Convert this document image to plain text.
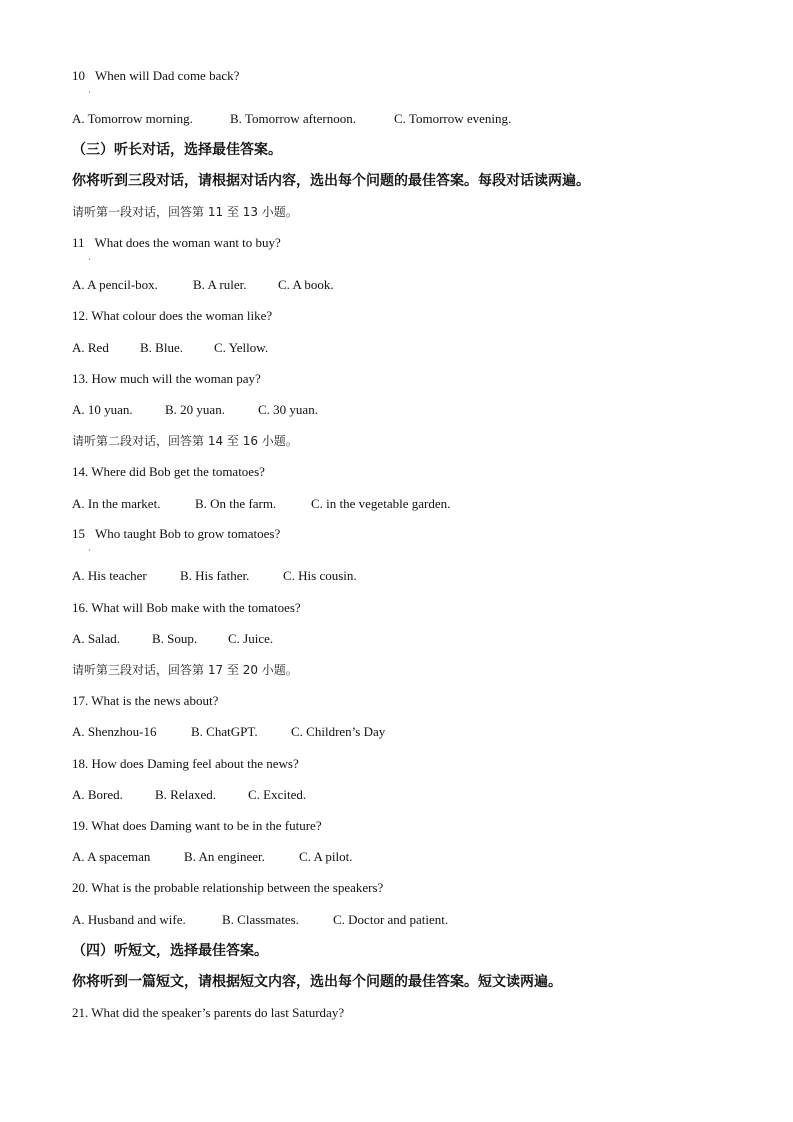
10 When will Dad come back?
·
A. Tomorrow morning.	B. Tomorrow afternoon.	C. Tomorrow evening.
（三）听长对话，选择最佳答案。
你将听到三段对话，请根据对话内容，选出每个问题的最佳答案。每段对话读两遍。
请听第一段对话，回答第 11 至 13 小题。
11 What does the woman want to buy?
·
A. A pencil-box.	B. A ruler. C. A book.
12. What colour does the woman like?
A. Red B. Blue. C. Yellow.
13. How much will the woman pay?
A. 10 yuan. B. 20 yuan.	C. 30 yuan.
请听第二段对话，回答第 14 至 16 小题。
14. Where did Bob get the tomatoes?
A. In the market.	B. On the farm.	C. in the vegetable garden.
15 Who taught Bob to grow tomatoes?
·
A. His teacher	B. His father.	C. His cousin.
16. What will Bob make with the tomatoes?
A. Salad. B. Soup. C. Juice.
请听第三段对话，回答第 17 至 20 小题。
17. What is the news about?
A. Shenzhou-16	B. ChatGPT.	C. Children’s Day
18. How does Daming feel about the news?
A. Bored. B. Relaxed. C. Excited.
19. What does Daming want to be in the future?
A. A spaceman	B. An engineer.	C. A pilot.
20. What is the probable relationship between the speakers?
A. Husband and wife.	B. Classmates.	C. Doctor and patient.
（四）听短文，选择最佳答案。
你将听到一篇短文，请根据短文内容，选出每个问题的最佳答案。短文读两遍。
21. What did the speaker’s parents do last Saturday?
